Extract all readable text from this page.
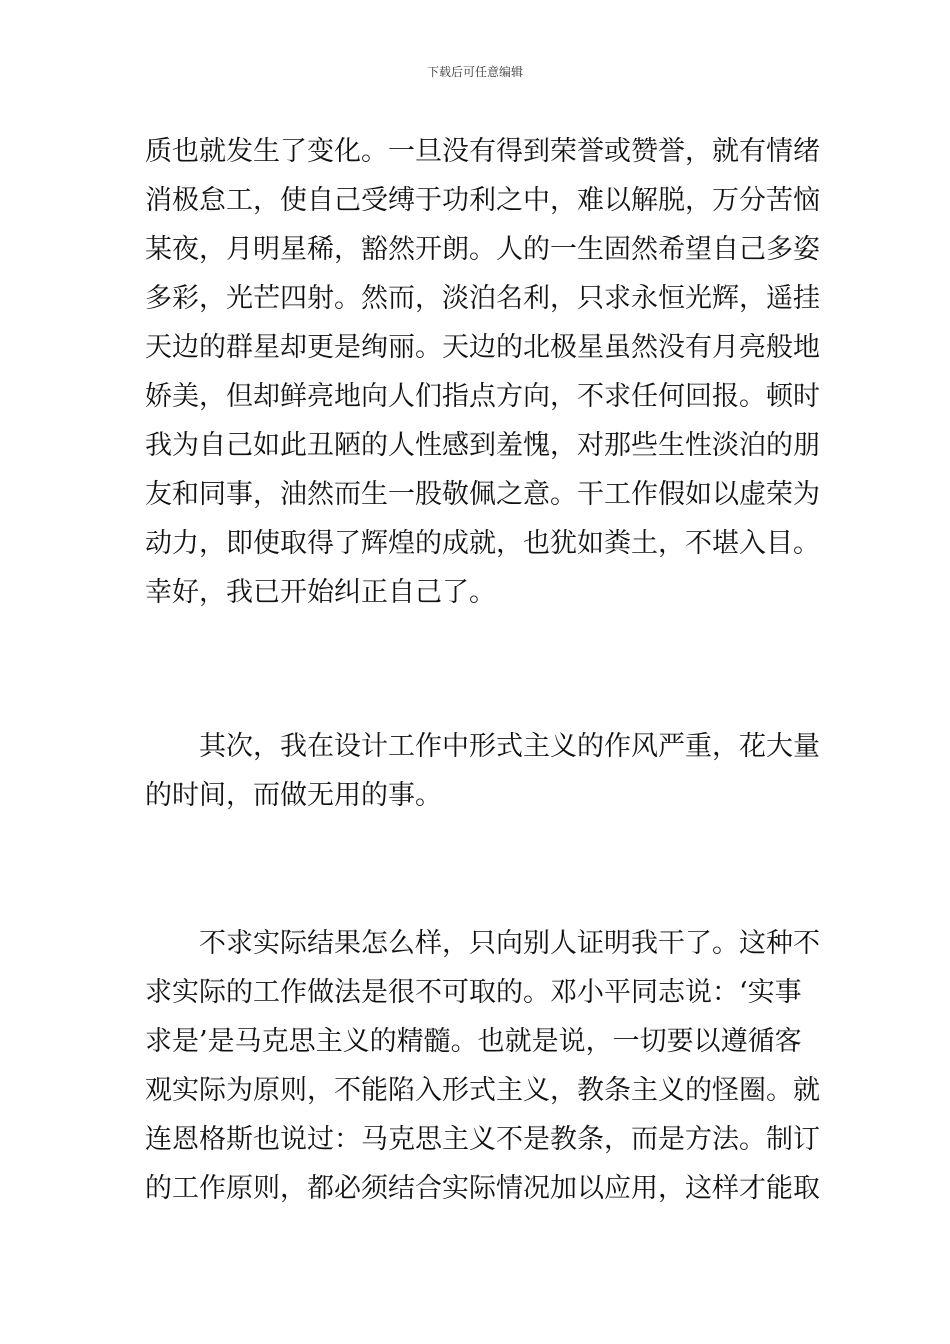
下载后可任意编辑
质也就发生了变化。一旦没有得到荣誉或赞誉，就有情绪
消极怠工，使自己受缚于功利之中，难以解脱，万分苦恼
某夜，月明星稀，豁然开朗。人的一生固然希望自己多姿
多彩，光芒四射。然而，淡泊名利，只求永恒光辉，遥挂
天边的群星却更是绚丽。天边的北极星虽然没有月亮般地
娇美，但却鲜亮地向人们指点方向，不求任何回报。顿时
我为自己如此丑陋的人性感到羞愧，对那些生性淡泊的朋
友和同事，油然而生一股敬佩之意。干工作假如以虚荣为
动力，即使取得了辉煌的成就，也犹如粪土，不堪入目。
幸好，我已开始纠正自己了。
　　其次，我在设计工作中形式主义的作风严重，花大量
的时间，而做无用的事。
　　不求实际结果怎么样，只向别人证明我干了。这种不
求实际的工作做法是很不可取的。邓小平同志说：‘实事
求是’是马克思主义的精髓。也就是说，一切要以遵循客
观实际为原则，不能陷入形式主义，教条主义的怪圈。就
连恩格斯也说过：马克思主义不是教条，而是方法。制订
的工作原则，都必须结合实际情况加以应用，这样才能取
